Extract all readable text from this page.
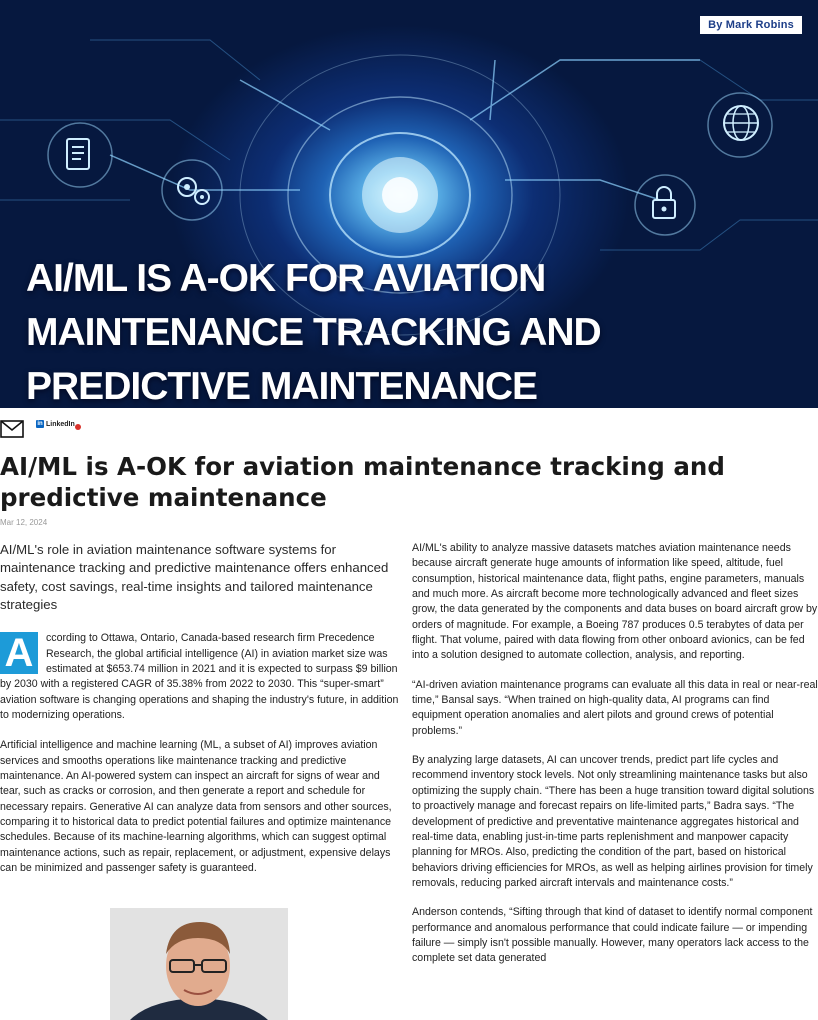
By Mark Robins
AI/ML IS A-OK FOR AVIATION
MAINTENANCE TRACKING AND
PREDICTIVE MAINTENANCE
in LinkedIn
AI/ML is A-OK for aviation maintenance tracking and predictive maintenance
Mar 12, 2024

AI/ML's role in aviation maintenance software systems for maintenance tracking and predictive maintenance offers enhanced safety, cost savings, real-time insights and tailored maintenance strategies

A	ccording to Ottawa, Ontario, Canada-based research firm Precedence Research, the global artificial intelligence (AI) in aviation market size was estimated at $653.74 million in 2021 and it is expected to surpass $9 billion by 2030 with a registered CAGR of 35.38% from 2022 to 2030. This “super-smart” aviation software is changing operations and shaping the industry's future, in addition to modernizing operations.

Artificial intelligence and machine learning (ML, a subset of AI) improves aviation services and smooths operations like maintenance tracking and predictive maintenance. An AI-powered system can inspect an aircraft for signs of wear and tear, such as cracks or corrosion, and then generate a report and schedule for necessary repairs. Generative AI can analyze data from sensors and other sources, comparing it to historical data to predict potential failures and optimize maintenance schedules. Because of its machine-learning algorithms, which can suggest optimal maintenance actions, such as repair, replacement, or adjustment, expensive delays can be minimized and passenger safety is guaranteed.

AI/ML's ability to analyze massive datasets matches aviation maintenance needs because aircraft generate huge amounts of information like speed, altitude, fuel consumption, historical maintenance data, flight paths, engine parameters, manuals and much more. As aircraft become more technologically advanced and fleet sizes grow, the data generated by the components and data buses on board aircraft grow by orders of magnitude. For example, a Boeing 787 produces 0.5 terabytes of data per flight. That volume, paired with data flowing from other onboard avionics, can be fed into a solution designed to automate collection, analysis, and reporting.

“AI-driven aviation maintenance programs can evaluate all this data in real or near-real time,” Bansal says. “When trained on high-quality data, AI programs can find equipment operation anomalies and alert pilots and ground crews of potential problems.”

By analyzing large datasets, AI can uncover trends, predict part life cycles and recommend inventory stock levels. Not only streamlining maintenance tasks but also optimizing the supply chain. “There has been a huge transition toward digital solutions to proactively manage and forecast repairs on life-limited parts,” Badra says. “The development of predictive and preventative maintenance aggregates historical and real-time data, enabling just-in-time parts replenishment and manpower capacity planning for MROs. Also, predicting the condition of the part, based on historical behaviors driving efficiencies for MROs, as well as helping airlines provision for timely removals, reducing parked aircraft intervals and maintenance costs.”

Anderson contends, “Sifting through that kind of dataset to identify normal component performance and anomalous performance that could indicate failure — or impending failure — simply isn't possible manually. However, many operators lack access to the complete set data generated
